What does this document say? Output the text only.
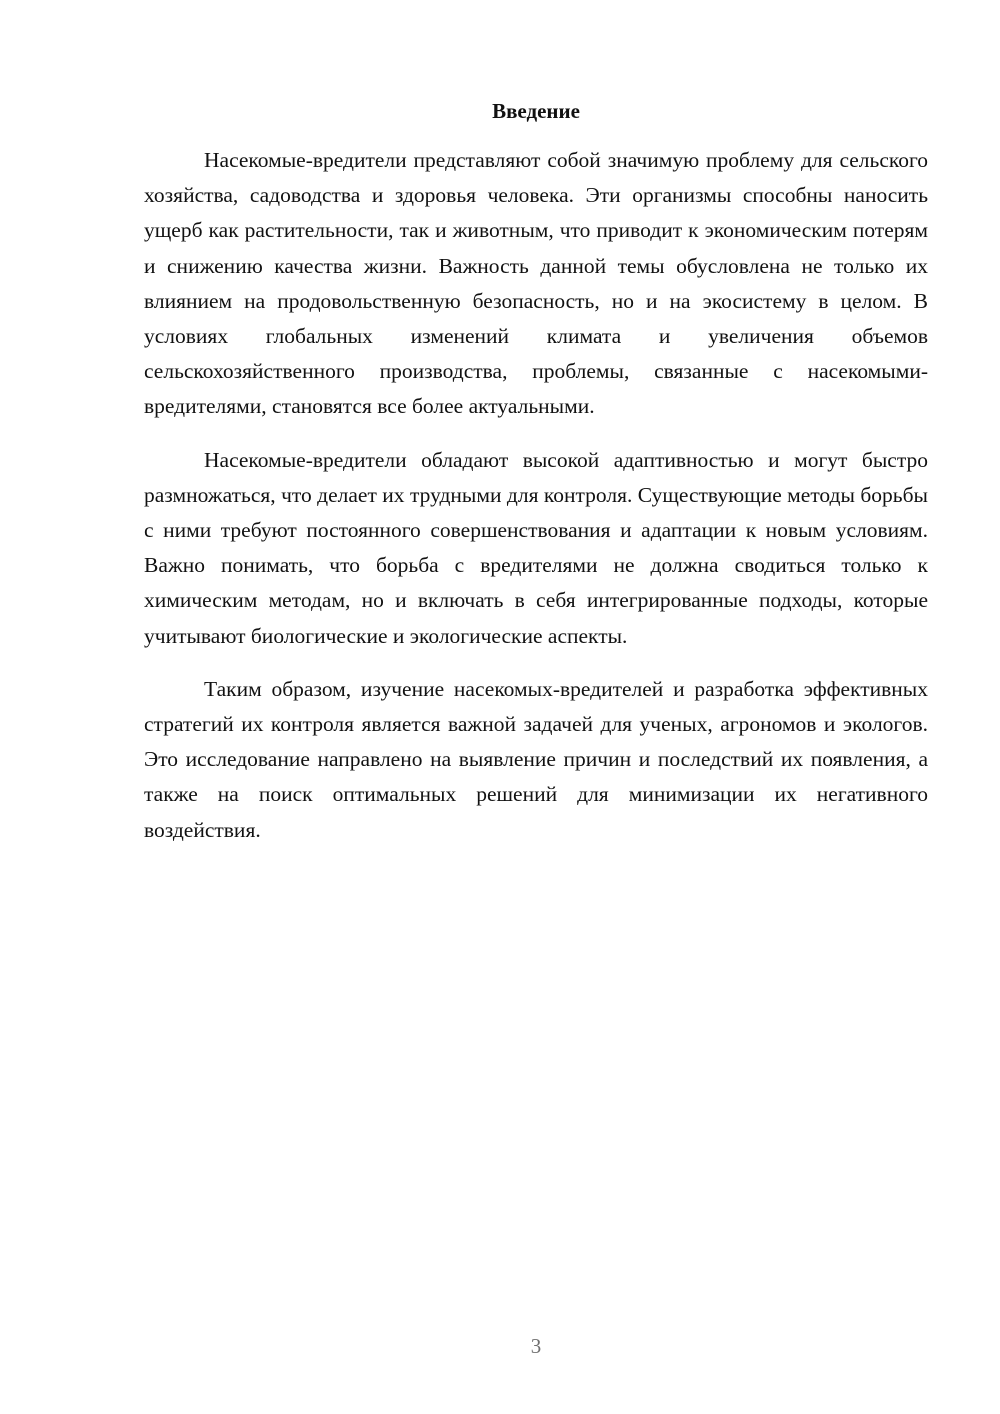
Введение

Насекомые-вредители представляют собой значимую проблему для сельского хозяйства, садоводства и здоровья человека. Эти организмы способны наносить ущерб как растительности, так и животным, что приводит к экономическим потерям и снижению качества жизни. Важность данной темы обусловлена не только их влиянием на продовольственную безопасность, но и на экосистему в целом. В условиях глобальных изменений климата и увеличения объемов сельскохозяйственного производства, проблемы, связанные с насекомыми-вредителями, становятся все более актуальными.

Насекомые-вредители обладают высокой адаптивностью и могут быстро размножаться, что делает их трудными для контроля. Существующие методы борьбы с ними требуют постоянного совершенствования и адаптации к новым условиям. Важно понимать, что борьба с вредителями не должна сводиться только к химическим методам, но и включать в себя интегрированные подходы, которые учитывают биологические и экологические аспекты.

Таким образом, изучение насекомых-вредителей и разработка эффективных стратегий их контроля является важной задачей для ученых, агрономов и экологов. Это исследование направлено на выявление причин и последствий их появления, а также на поиск оптимальных решений для минимизации их негативного воздействия.

3
